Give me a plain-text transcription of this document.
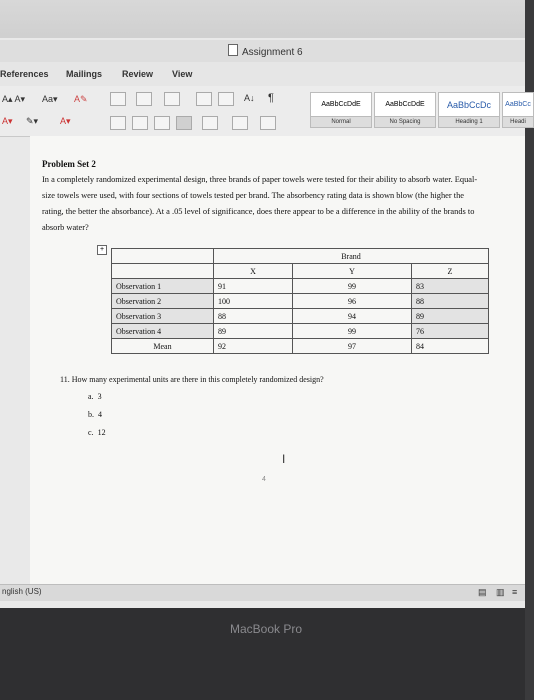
Assignment 6
References Mailings Review View
A▴ A▾ Aa▾ A✎
A▾ ✎▾ A▾
A↓ ¶
AaBbCcDdE
Normal
AaBbCcDdE
No Spacing
AaBbCcDc
Heading 1
AaBbCc
Headi
Problem Set 2
In a completely randomized experimental design, three brands of paper towels were tested for their ability to absorb water. Equal-size towels were used, with four sections of towels tested per brand. The absorbency rating data is shown blow (the higher the rating, the better the absorbance). At a .05 level of significance, does there appear to be a difference in the ability of the brands to absorb water?
+
	Brand		
	X	Y	Z
Observation 1	91	99	83
Observation 2	100	96	88
Observation 3	88	94	89
Observation 4	89	99	76
Mean	92	97	84
11. How many experimental units are there in this completely randomized design?
a. 3
b. 4
c. 12
I
4
nglish (US)	▤ ▥ ≡
MacBook Pro
